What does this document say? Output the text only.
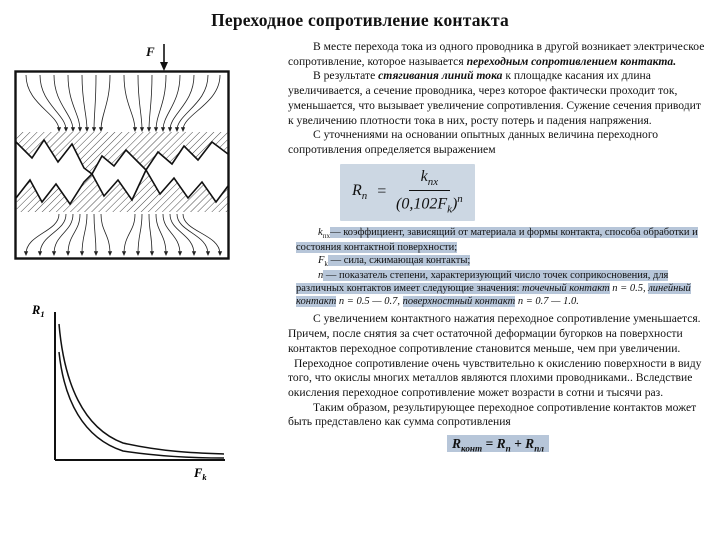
Переходное сопротивление контакта
F
$R_1$
$F_k$

В месте перехода тока из одного проводника в другой возникает электрическое сопротивление, которое называется переходным сопротивлением контакта.

В результате стягивания линий тока к площадке касания их длина увеличивается, а сечение проводника, через которое фактически проходит ток, уменьшается, что вызывает увеличение сопротивления. Сужение сечения приводит к увеличению плотности тока в них, росту потерь и падения напряжения.

С уточнениями на основании опытных данных величина переходного сопротивления определяется выражением

$R_п = \frac{k_{пх}}{(0,102F_k)^n}$

$k_{пх}—$ коэффициент, зависящий от материала и формы контакта, способа обработки и состояния контактной поверхности;

$F_k$ — сила, сжимающая контакты;

n — показатель степени, характеризующий число точек соприкосновения, для различных контактов имеет следующие значения: точечный контакт n = 0.5, линейный контакт n = 0.5 — 0.7, поверхностный контакт n = 0.7 — 1.0.

С увеличением контактного нажатия переходное сопротивление уменьшается. Причем, после снятия за счет остаточной деформации бугорков на поверхности контактов переходное сопротивление становится меньше, чем при увеличении.

Переходное сопротивление очень чувствительно к окислению поверхности в виду того, что окислы многих металлов являются плохими проводниками.. Вследствие окисления переходное сопротивление может возрасти в сотни и тысячи раз.

Таким образом, результирующее переходное сопротивление контактов может быть представлено как сумма сопротивления

$R_{конт} = R_п + R_{пл}$
